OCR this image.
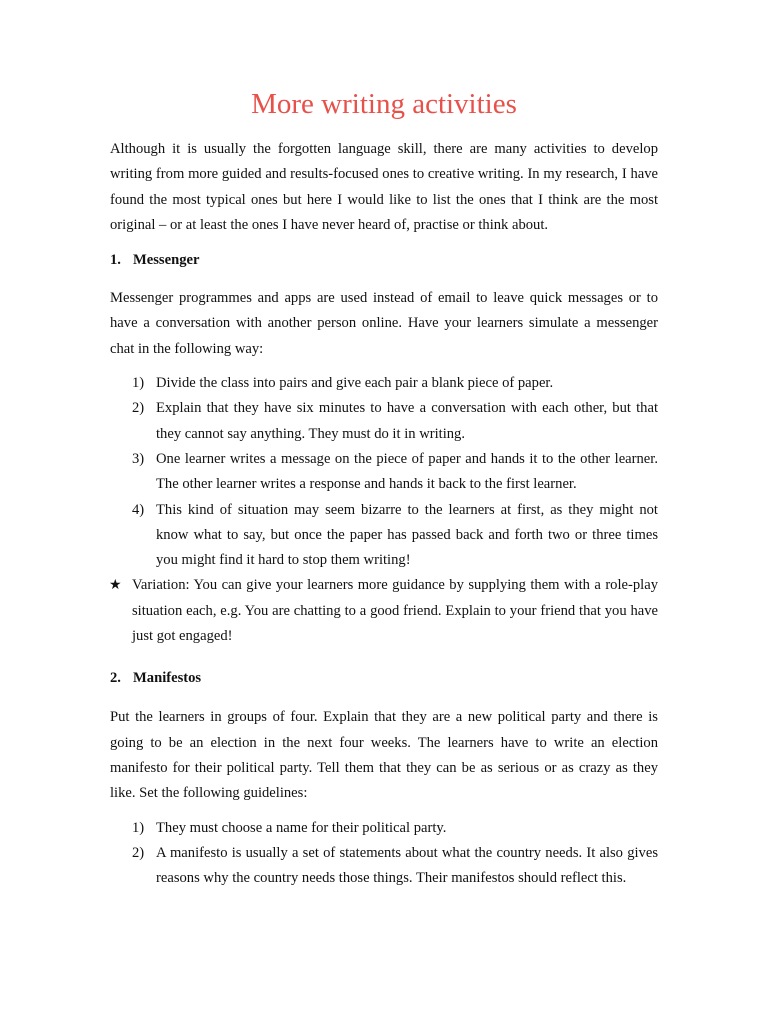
More writing activities

Although it is usually the forgotten language skill, there are many activities to develop writing from more guided and results-focused ones to creative writing. In my research, I have found the most typical ones but here I would like to list the ones that I think are the most original – or at least the ones I have never heard of, practise or think about.

1. Messenger

Messenger programmes and apps are used instead of email to leave quick messages or to have a conversation with another person online. Have your learners simulate a messenger chat in the following way:

1) Divide the class into pairs and give each pair a blank piece of paper.
2) Explain that they have six minutes to have a conversation with each other, but that they cannot say anything. They must do it in writing.
3) One learner writes a message on the piece of paper and hands it to the other learner. The other learner writes a response and hands it back to the first learner.
4) This kind of situation may seem bizarre to the learners at first, as they might not know what to say, but once the paper has passed back and forth two or three times you might find it hard to stop them writing!
★ Variation: You can give your learners more guidance by supplying them with a role-play situation each, e.g. You are chatting to a good friend. Explain to your friend that you have just got engaged!
2. Manifestos

Put the learners in groups of four. Explain that they are a new political party and there is going to be an election in the next four weeks. The learners have to write an election manifesto for their political party. Tell them that they can be as serious or as crazy as they like. Set the following guidelines:

1) They must choose a name for their political party.
2) A manifesto is usually a set of statements about what the country needs. It also gives reasons why the country needs those things. Their manifestos should reflect this.
